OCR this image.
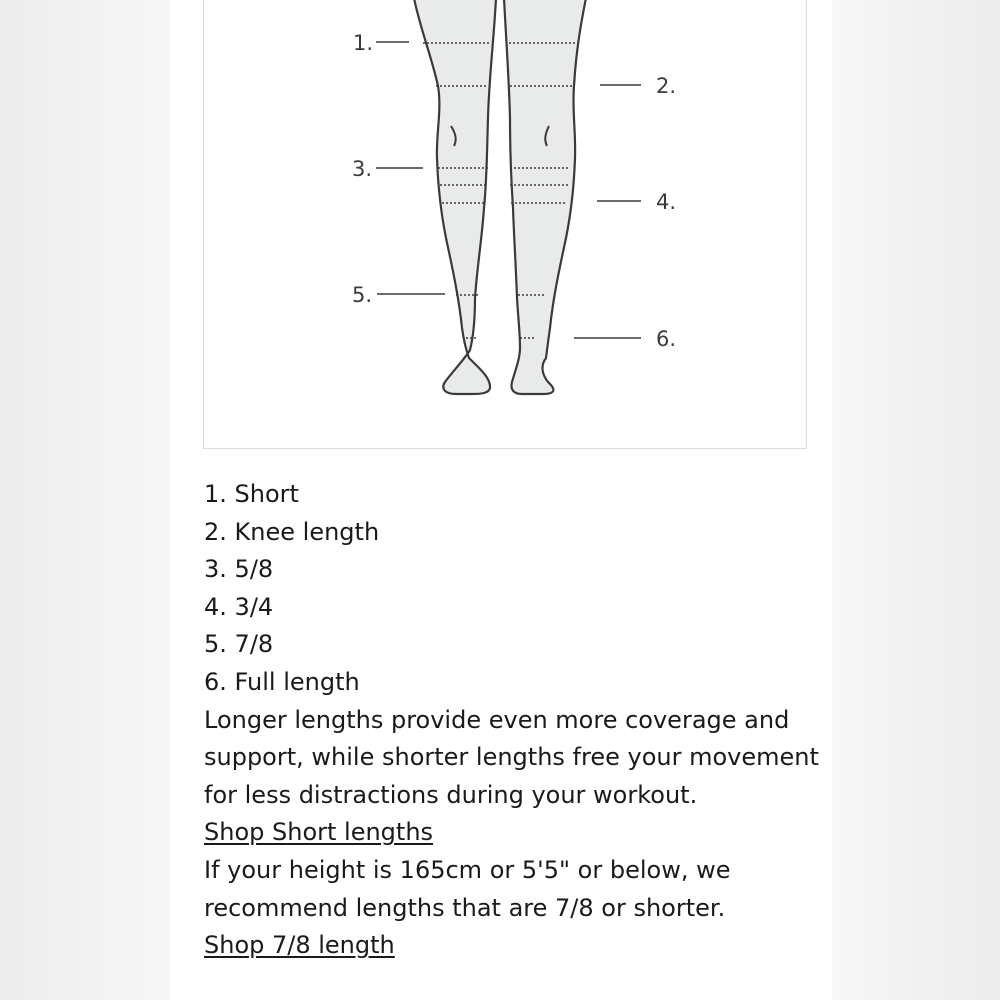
1.
2.
3.
4.
5.
6.
1. Short
2. Knee length
3. 5/8
4. 3/4
5. 7/8
6. Full length

Longer lengths provide even more coverage and support, while shorter lengths free your movement for less distractions during your workout.

Shop Short lengths

If your height is 165cm or 5'5" or below, we recommend lengths that are 7/8 or shorter.

Shop 7/8 length
